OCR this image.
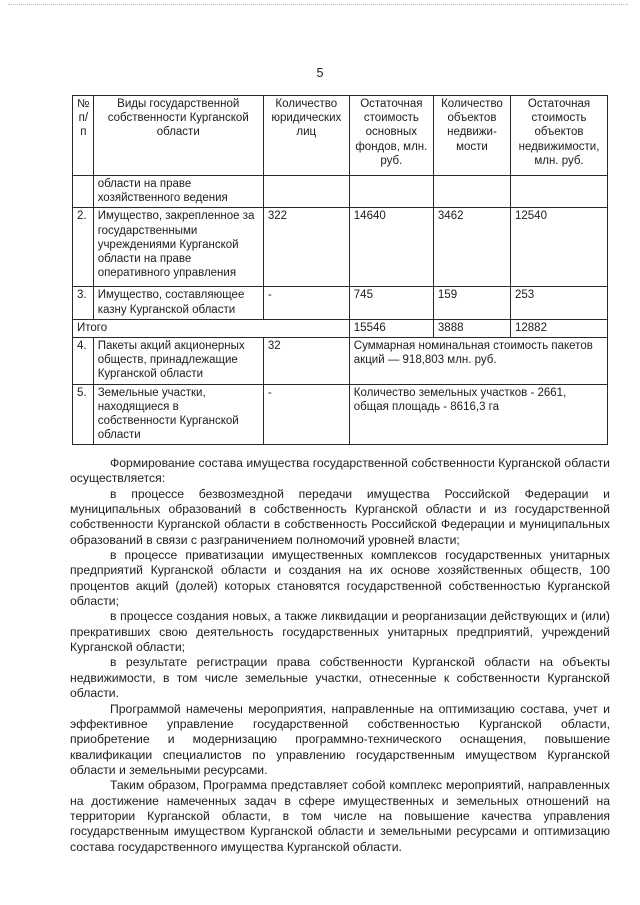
5
№ п/п	Виды государственной собственности Курганской области	Количество юридических лиц	Остаточная стоимость основных фондов, млн. руб.	Количество объектов недвижи-мости	Остаточная стоимость объектов недвижимости, млн. руб.
	области на праве хозяйственного ведения				
2.	Имущество, закрепленное за государственными учреждениями Курганской области на праве оперативного управления	322	14640	3462	12540
3.	Имущество, составляющее казну Курганской области	-	745	159	253
Итого			15546	3888	12882
4.	Пакеты акций акционерных обществ, принадлежащие Курганской области	32	Суммарная номинальная стоимость пакетов акций — 918,803 млн. руб.		
5.	Земельные участки, находящиеся в собственности Курганской области	-	Количество земельных участков - 2661, общая площадь - 8616,3 га		

Формирование состава имущества государственной собственности Курганской области осуществляется:

в процессе безвозмездной передачи имущества Российской Федерации и муниципальных образований в собственность Курганской области и из государственной собственности Курганской области в собственность Российской Федерации и муниципальных образований в связи с разграничением полномочий уровней власти;

в процессе приватизации имущественных комплексов государственных унитарных предприятий Курганской области и создания на их основе хозяйственных обществ, 100 процентов акций (долей) которых становятся государственной собственностью Курганской области;

в процессе создания новых, а также ликвидации и реорганизации действующих и (или) прекративших свою деятельность государственных унитарных предприятий, учреждений Курганской области;

в результате регистрации права собственности Курганской области на объекты недвижимости, в том числе земельные участки, отнесенные к собственности Курганской области.

Программой намечены мероприятия, направленные на оптимизацию состава, учет и эффективное управление государственной собственностью Курганской области, приобретение и модернизацию программно-технического оснащения, повышение квалификации специалистов по управлению государственным имуществом Курганской области и земельными ресурсами.

Таким образом, Программа представляет собой комплекс мероприятий, направленных на достижение намеченных задач в сфере имущественных и земельных отношений на территории Курганской области, в том числе на повышение качества управления государственным имуществом Курганской области и земельными ресурсами и оптимизацию состава государственного имущества Курганской области.
